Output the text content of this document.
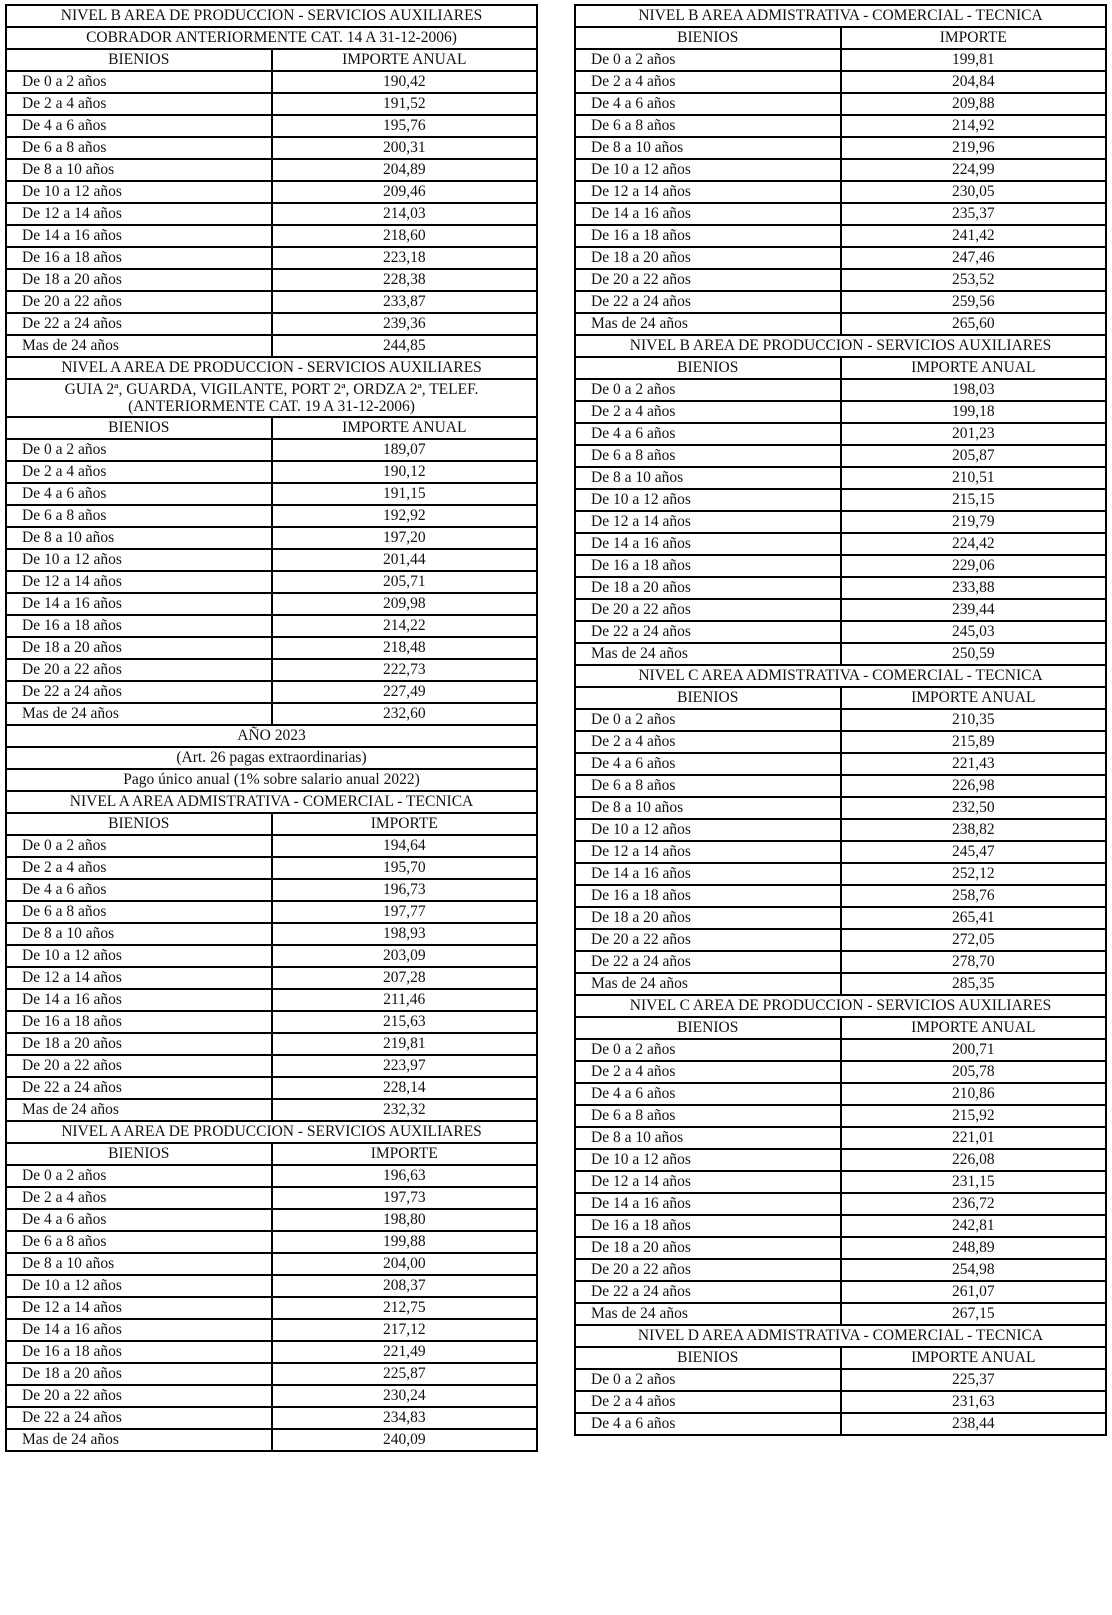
NIVEL B AREA DE PRODUCCION - SERVICIOS AUXILIARES	
COBRADOR ANTERIORMENTE CAT. 14 A 31-12-2006)	
BIENIOS	IMPORTE ANUAL
De 0 a 2 años	190,42
De 2 a 4 años	191,52
De 4 a 6 años	195,76
De 6 a 8 años	200,31
De 8 a 10 años	204,89
De 10 a 12 años	209,46
De 12 a 14 años	214,03
De 14 a 16 años	218,60
De 16 a 18 años	223,18
De 18 a 20 años	228,38
De 20 a 22 años	233,87
De 22 a 24 años	239,36
Mas de 24 años	244,85
NIVEL A AREA DE PRODUCCION - SERVICIOS AUXILIARES	
GUIA 2ª, GUARDA, VIGILANTE, PORT 2ª, ORDZA 2ª, TELEF. (ANTERIORMENTE CAT. 19 A 31-12-2006)	
BIENIOS	IMPORTE ANUAL
De 0 a 2 años	189,07
De 2 a 4 años	190,12
De 4 a 6 años	191,15
De 6 a 8 años	192,92
De 8 a 10 años	197,20
De 10 a 12 años	201,44
De 12 a 14 años	205,71
De 14 a 16 años	209,98
De 16 a 18 años	214,22
De 18 a 20 años	218,48
De 20 a 22 años	222,73
De 22 a 24 años	227,49
Mas de 24 años	232,60
AÑO 2023	
(Art. 26 pagas extraordinarias)	
Pago único anual (1% sobre salario anual 2022)	
NIVEL A AREA ADMISTRATIVA - COMERCIAL - TECNICA	
BIENIOS	IMPORTE
De 0 a 2 años	194,64
De 2 a 4 años	195,70
De 4 a 6 años	196,73
De 6 a 8 años	197,77
De 8 a 10 años	198,93
De 10 a 12 años	203,09
De 12 a 14 años	207,28
De 14 a 16 años	211,46
De 16 a 18 años	215,63
De 18 a 20 años	219,81
De 20 a 22 años	223,97
De 22 a 24 años	228,14
Mas de 24 años	232,32
NIVEL A AREA DE PRODUCCION - SERVICIOS AUXILIARES	
BIENIOS	IMPORTE
De 0 a 2 años	196,63
De 2 a 4 años	197,73
De 4 a 6 años	198,80
De 6 a 8 años	199,88
De 8 a 10 años	204,00
De 10 a 12 años	208,37
De 12 a 14 años	212,75
De 14 a 16 años	217,12
De 16 a 18 años	221,49
De 18 a 20 años	225,87
De 20 a 22 años	230,24
De 22 a 24 años	234,83
Mas de 24 años	240,09
NIVEL B AREA ADMISTRATIVA - COMERCIAL - TECNICA	
BIENIOS	IMPORTE
De 0 a 2 años	199,81
De 2 a 4 años	204,84
De 4 a 6 años	209,88
De 6 a 8 años	214,92
De 8 a 10 años	219,96
De 10 a 12 años	224,99
De 12 a 14 años	230,05
De 14 a 16 años	235,37
De 16 a 18 años	241,42
De 18 a 20 años	247,46
De 20 a 22 años	253,52
De 22 a 24 años	259,56
Mas de 24 años	265,60
NIVEL B AREA DE PRODUCCION - SERVICIOS AUXILIARES	
BIENIOS	IMPORTE ANUAL
De 0 a 2 años	198,03
De 2 a 4 años	199,18
De 4 a 6 años	201,23
De 6 a 8 años	205,87
De 8 a 10 años	210,51
De 10 a 12 años	215,15
De 12 a 14 años	219,79
De 14 a 16 años	224,42
De 16 a 18 años	229,06
De 18 a 20 años	233,88
De 20 a 22 años	239,44
De 22 a 24 años	245,03
Mas de 24 años	250,59
NIVEL C AREA ADMISTRATIVA - COMERCIAL - TECNICA	
BIENIOS	IMPORTE ANUAL
De 0 a 2 años	210,35
De 2 a 4 años	215,89
De 4 a 6 años	221,43
De 6 a 8 años	226,98
De 8 a 10 años	232,50
De 10 a 12 años	238,82
De 12 a 14 años	245,47
De 14 a 16 años	252,12
De 16 a 18 años	258,76
De 18 a 20 años	265,41
De 20 a 22 años	272,05
De 22 a 24 años	278,70
Mas de 24 años	285,35
NIVEL C AREA DE PRODUCCION - SERVICIOS AUXILIARES	
BIENIOS	IMPORTE ANUAL
De 0 a 2 años	200,71
De 2 a 4 años	205,78
De 4 a 6 años	210,86
De 6 a 8 años	215,92
De 8 a 10 años	221,01
De 10 a 12 años	226,08
De 12 a 14 años	231,15
De 14 a 16 años	236,72
De 16 a 18 años	242,81
De 18 a 20 años	248,89
De 20 a 22 años	254,98
De 22 a 24 años	261,07
Mas de 24 años	267,15
NIVEL D AREA ADMISTRATIVA - COMERCIAL - TECNICA	
BIENIOS	IMPORTE ANUAL
De 0 a 2 años	225,37
De 2 a 4 años	231,63
De 4 a 6 años	238,44
